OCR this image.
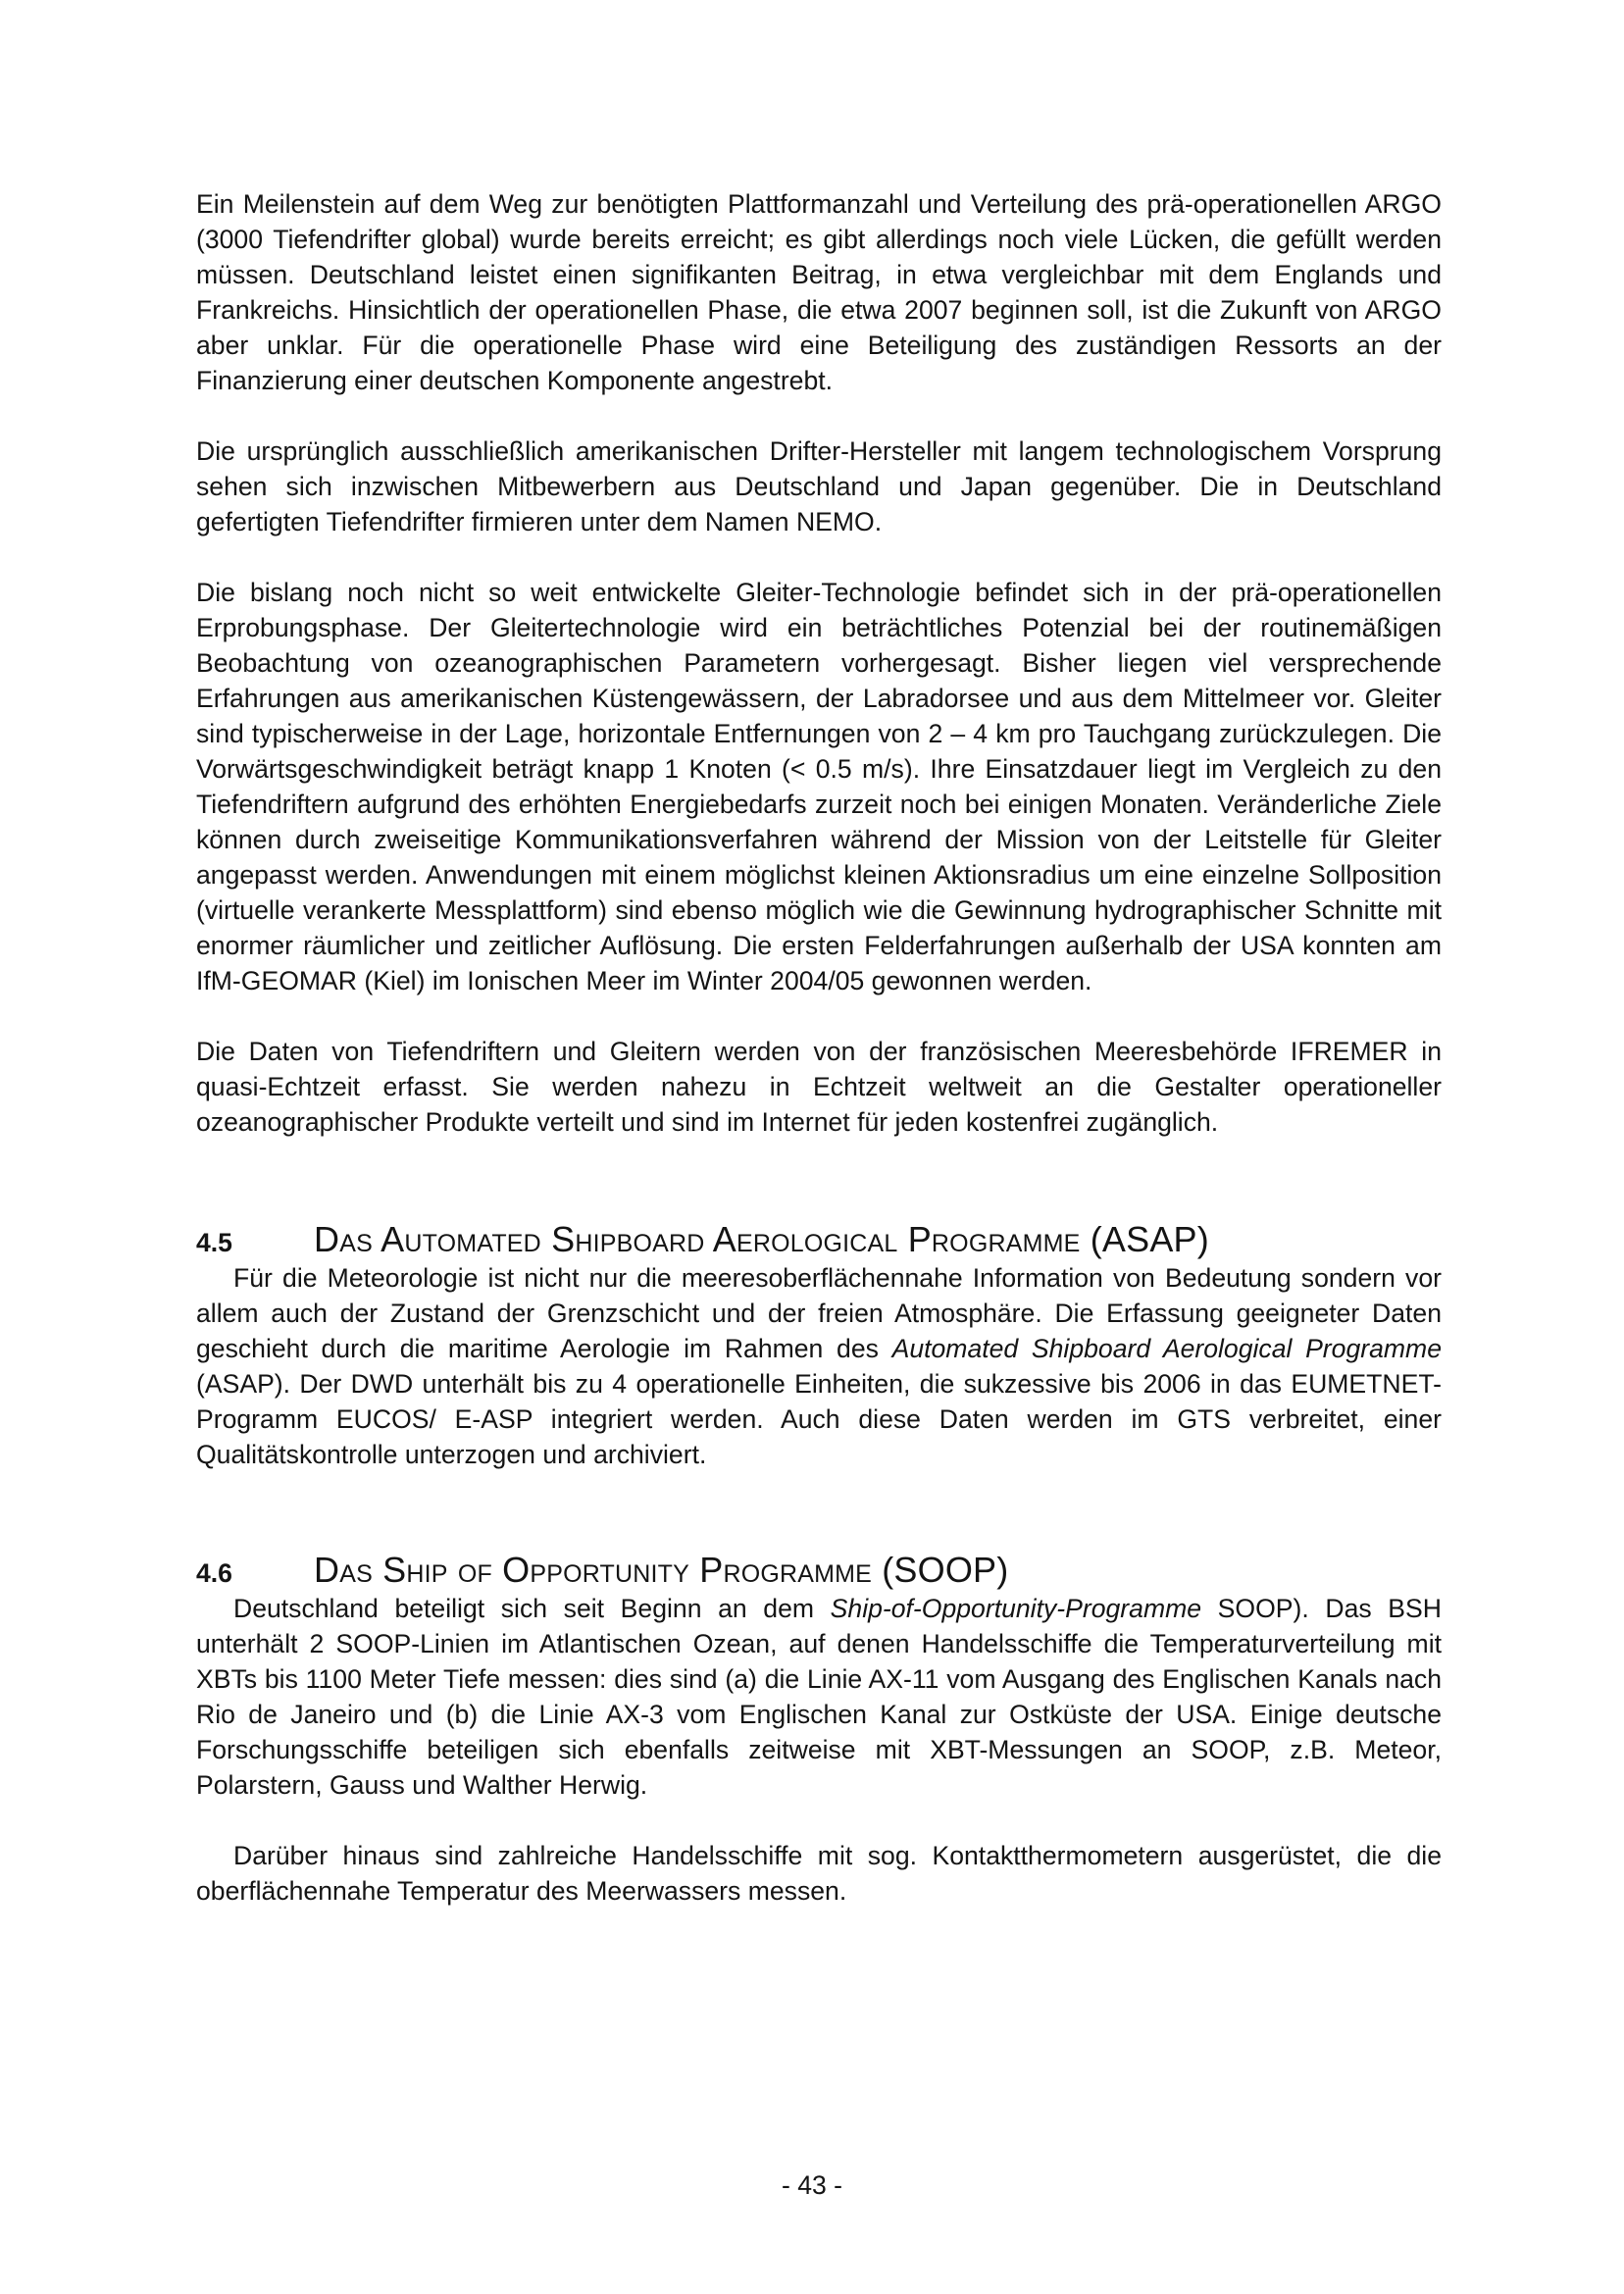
Ein Meilenstein auf dem Weg zur benötigten Plattformanzahl und Verteilung des prä-operationellen ARGO (3000 Tiefendrifter global) wurde bereits erreicht; es gibt allerdings noch viele Lücken, die gefüllt werden müssen. Deutschland leistet einen signifikanten Beitrag, in etwa vergleichbar mit dem Englands und Frankreichs. Hinsichtlich der operationellen Phase, die etwa 2007 beginnen soll, ist die Zukunft von ARGO aber unklar. Für die operationelle Phase wird eine Beteiligung des zuständigen Ressorts an der Finanzierung einer deutschen Komponente angestrebt.

Die ursprünglich ausschließlich amerikanischen Drifter-Hersteller mit langem technologischem Vorsprung sehen sich inzwischen Mitbewerbern aus Deutschland und Japan gegenüber. Die in Deutschland gefertigten Tiefendrifter firmieren unter dem Namen NEMO.

Die bislang noch nicht so weit entwickelte Gleiter-Technologie befindet sich in der prä-operationellen Erprobungsphase. Der Gleitertechnologie wird ein beträchtliches Potenzial bei der routinemäßigen Beobachtung von ozeanographischen Parametern vorhergesagt. Bisher liegen viel versprechende Erfahrungen aus amerikanischen Küstengewässern, der Labradorsee und aus dem Mittelmeer vor. Gleiter sind typischerweise in der Lage, horizontale Entfernungen von 2 – 4 km pro Tauchgang zurückzulegen. Die Vorwärtsgeschwindigkeit beträgt knapp 1 Knoten (< 0.5 m/s). Ihre Einsatzdauer liegt im Vergleich zu den Tiefendriftern aufgrund des erhöhten Energiebedarfs zurzeit noch bei einigen Monaten. Veränderliche Ziele können durch zweiseitige Kommunikationsverfahren während der Mission von der Leitstelle für Gleiter angepasst werden. Anwendungen mit einem möglichst kleinen Aktionsradius um eine einzelne Sollposition (virtuelle verankerte Messplattform) sind ebenso möglich wie die Gewinnung hydrographischer Schnitte mit enormer räumlicher und zeitlicher Auflösung. Die ersten Felderfahrungen außerhalb der USA konnten am IfM-GEOMAR (Kiel) im Ionischen Meer im Winter 2004/05 gewonnen werden.

Die Daten von Tiefendriftern und Gleitern werden von der französischen Meeresbehörde IFREMER in quasi-Echtzeit erfasst. Sie werden nahezu in Echtzeit weltweit an die Gestalter operationeller ozeanographischer Produkte verteilt und sind im Internet für jeden kostenfrei zugänglich.

4.5	Das Automated Shipboard Aerological Programme (ASAP)

Für die Meteorologie ist nicht nur die meeresoberflächennahe Information von Bedeutung sondern vor allem auch der Zustand der Grenzschicht und der freien Atmosphäre. Die Erfassung geeigneter Daten geschieht durch die maritime Aerologie im Rahmen des Automated Shipboard Aerological Programme (ASAP). Der DWD unterhält bis zu 4 operationelle Einheiten, die sukzessive bis 2006 in das EUMETNET-Programm EUCOS/ E-ASP integriert werden. Auch diese Daten werden im GTS verbreitet, einer Qualitätskontrolle unterzogen und archiviert.

4.6	Das Ship of Opportunity Programme (SOOP)

Deutschland beteiligt sich seit Beginn an dem Ship-of-Opportunity-Programme SOOP). Das BSH unterhält 2 SOOP-Linien im Atlantischen Ozean, auf denen Handelsschiffe die Temperaturverteilung mit XBTs bis 1100 Meter Tiefe messen: dies sind (a) die Linie AX-11 vom Ausgang des Englischen Kanals nach Rio de Janeiro und (b) die Linie AX-3 vom Englischen Kanal zur Ostküste der USA. Einige deutsche Forschungsschiffe beteiligen sich ebenfalls zeitweise mit XBT-Messungen an SOOP, z.B. Meteor, Polarstern, Gauss und Walther Herwig.

Darüber hinaus sind zahlreiche Handelsschiffe mit sog. Kontaktthermometern ausgerüstet, die die oberflächennahe Temperatur des Meerwassers messen.

- 43 -
